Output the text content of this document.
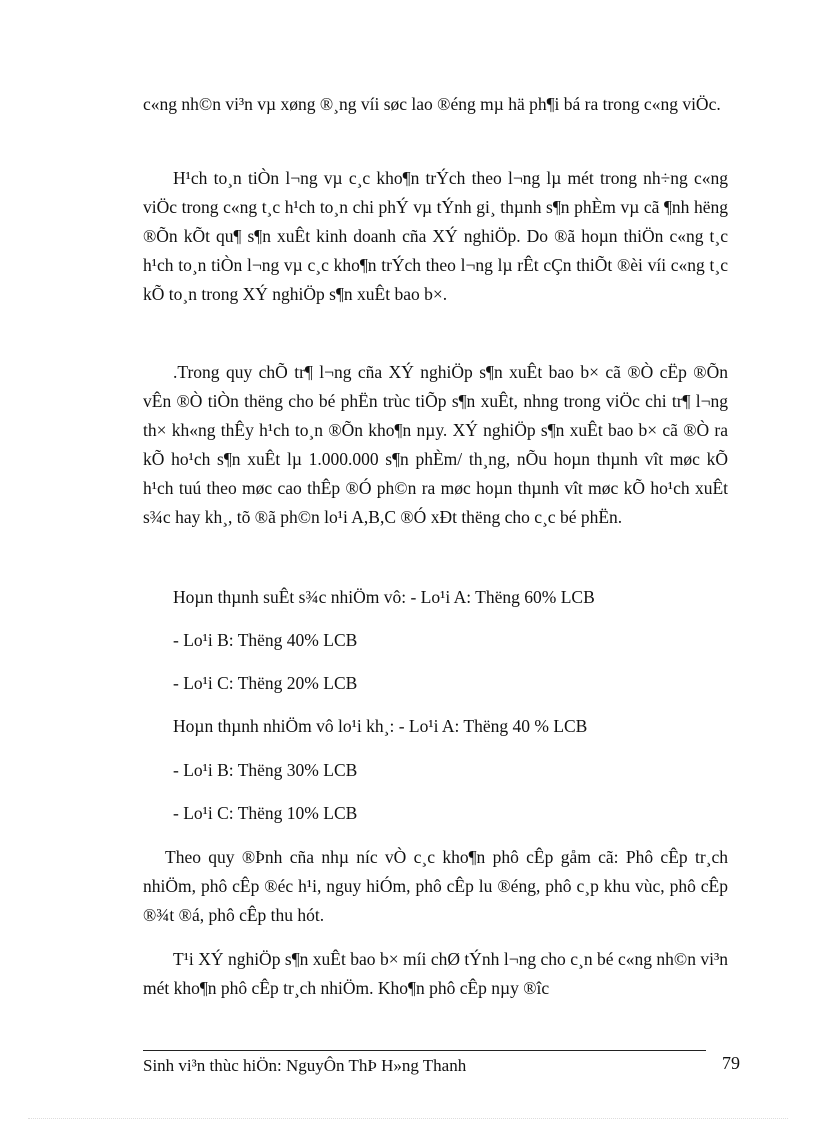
c«ng nh©n vi³n vµ xøng ®¸ng víi søc lao ®éng mµ hä ph¶i bá ra trong c«ng viÖc.

H¹ch to¸n tiÒn l¬ng vµ c¸c kho¶n trÝch theo l¬ng lµ mét trong nh÷ng c«ng viÖc trong c«ng t¸c h¹ch to¸n chi phÝ vµ tÝnh gi¸ thµnh s¶n phÈm vµ cã ¶nh hëng ®Õn kÕt qu¶ s¶n xuÊt kinh doanh cña XÝ nghiÖp. Do ®ã hoµn thiÖn c«ng t¸c h¹ch to¸n tiÒn l¬ng vµ c¸c kho¶n trÝch theo l¬ng lµ rÊt cÇn thiÕt ®èi víi c«ng t¸c kÕ to¸n trong XÝ nghiÖp s¶n xuÊt bao b×.

.Trong quy chÕ tr¶ l¬ng cña XÝ nghiÖp s¶n xuÊt bao b× cã ®Ò cËp ®Õn vÊn ®Ò tiÒn thëng cho bé phËn trùc tiÕp s¶n xuÊt, nhng trong viÖc chi tr¶ l¬ng th× kh«ng thÊy h¹ch to¸n ®Õn kho¶n nµy. XÝ nghiÖp s¶n xuÊt bao b× cã ®Ò ra kÕ ho¹ch s¶n xuÊt lµ 1.000.000 s¶n phÈm/ th¸ng, nÕu hoµn thµnh vît møc kÕ h¹ch tuú theo møc cao thÊp ®Ó ph©n ra møc hoµn thµnh vît møc kÕ ho¹ch xuÊt s¾c hay kh¸, tõ ®ã ph©n lo¹i A,B,C ®Ó xÐt thëng cho c¸c bé phËn.

Hoµn thµnh suÊt s¾c nhiÖm vô: - Lo¹i A: Thëng 60% LCB

- Lo¹i B: Thëng 40% LCB

- Lo¹i C: Thëng 20% LCB

Hoµn thµnh nhiÖm vô lo¹i kh¸: - Lo¹i A: Thëng 40 % LCB

- Lo¹i B: Thëng 30% LCB

- Lo¹i C: Thëng 10% LCB

Theo quy ®Þnh cña nhµ níc vÒ c¸c kho¶n phô cÊp gåm cã: Phô cÊp tr¸ch nhiÖm, phô cÊp ®éc h¹i, nguy hiÓm, phô cÊp lu ®éng, phô c¸p khu vùc, phô cÊp ®¾t ®á, phô cÊp thu hót.

T¹i XÝ nghiÖp s¶n xuÊt bao b× míi chØ tÝnh l¬ng cho c¸n bé c«ng nh©n vi³n mét kho¶n phô cÊp tr¸ch nhiÖm. Kho¶n phô cÊp nµy ®îc

Sinh vi³n thùc hiÖn: NguyÔn ThÞ H»ng Thanh	79
